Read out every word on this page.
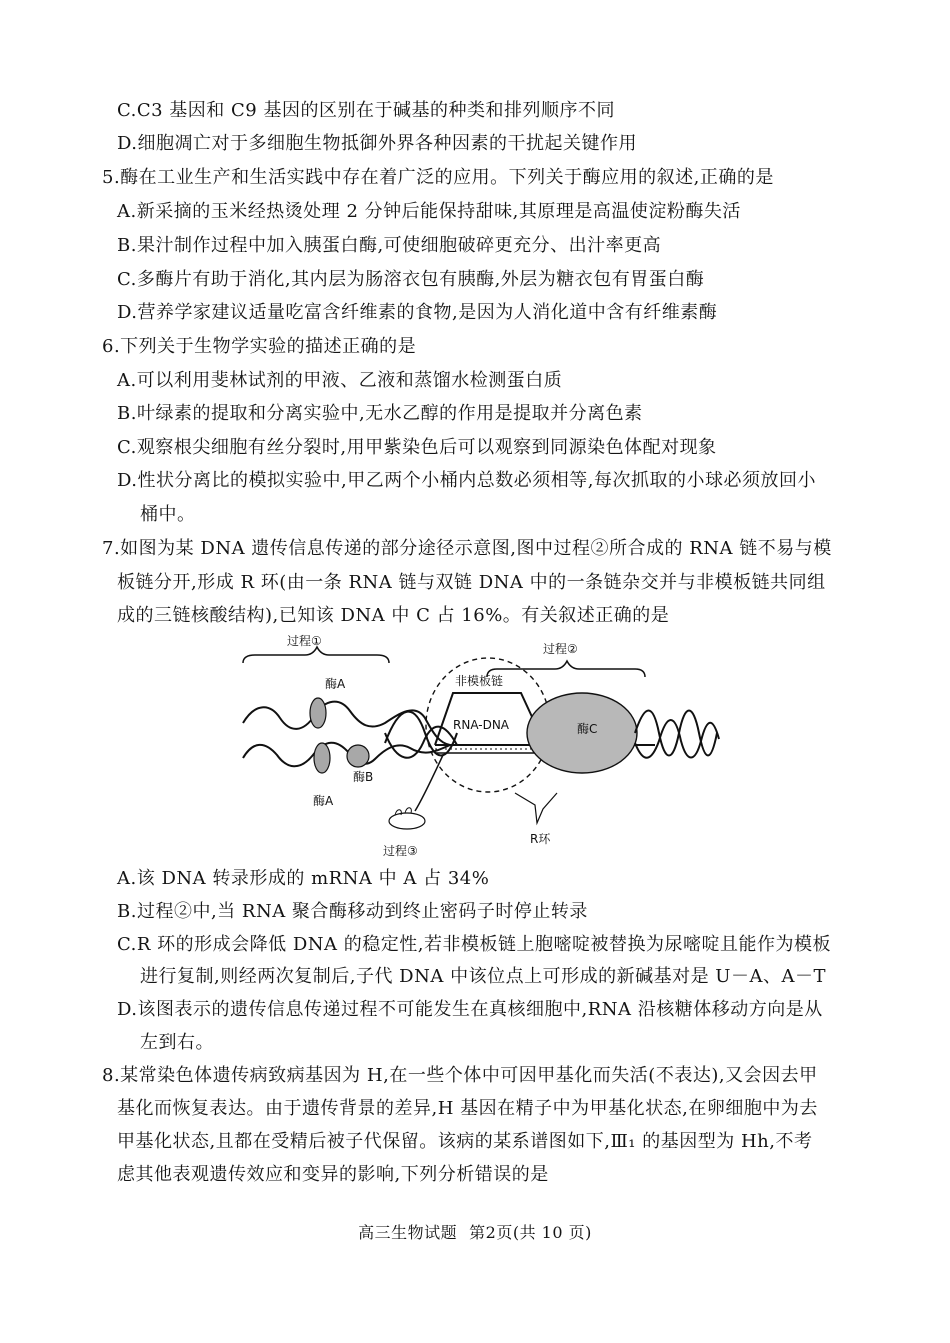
C.C3 基因和 C9 基因的区别在于碱基的种类和排列顺序不同
D.细胞凋亡对于多细胞生物抵御外界各种因素的干扰起关键作用
5.酶在工业生产和生活实践中存在着广泛的应用。下列关于酶应用的叙述,正确的是
A.新采摘的玉米经热烫处理 2 分钟后能保持甜味,其原理是高温使淀粉酶失活
B.果汁制作过程中加入胰蛋白酶,可使细胞破碎更充分、出汁率更高
C.多酶片有助于消化,其内层为肠溶衣包有胰酶,外层为糖衣包有胃蛋白酶
D.营养学家建议适量吃富含纤维素的食物,是因为人消化道中含有纤维素酶
6.下列关于生物学实验的描述正确的是
A.可以利用斐林试剂的甲液、乙液和蒸馏水检测蛋白质
B.叶绿素的提取和分离实验中,无水乙醇的作用是提取并分离色素
C.观察根尖细胞有丝分裂时,用甲紫染色后可以观察到同源染色体配对现象
D.性状分离比的模拟实验中,甲乙两个小桶内总数必须相等,每次抓取的小球必须放回小
桶中。
7.如图为某 DNA 遗传信息传递的部分途径示意图,图中过程②所合成的 RNA 链不易与模
板链分开,形成 R 环(由一条 RNA 链与双链 DNA 中的一条链杂交并与非模板链共同组
成的三链核酸结构),已知该 DNA 中 C 占 16%。有关叙述正确的是
过程①
过程②
酶A
酶A
酶B
非模板链
RNA-DNA	酶C
R环
过程③
A.该 DNA 转录形成的 mRNA 中 A 占 34%
B.过程②中,当 RNA 聚合酶移动到终止密码子时停止转录
C.R 环的形成会降低 DNA 的稳定性,若非模板链上胞嘧啶被替换为尿嘧啶且能作为模板
进行复制,则经两次复制后,子代 DNA 中该位点上可形成的新碱基对是 U－A、A－T
D.该图表示的遗传信息传递过程不可能发生在真核细胞中,RNA 沿核糖体移动方向是从
左到右。
8.某常染色体遗传病致病基因为 H,在一些个体中可因甲基化而失活(不表达),又会因去甲
基化而恢复表达。由于遗传背景的差异,H 基因在精子中为甲基化状态,在卵细胞中为去
甲基化状态,且都在受精后被子代保留。该病的某系谱图如下,Ⅲ₁ 的基因型为 Hh,不考
虑其他表观遗传效应和变异的影响,下列分析错误的是
高三生物试题 第2页(共 10 页)
